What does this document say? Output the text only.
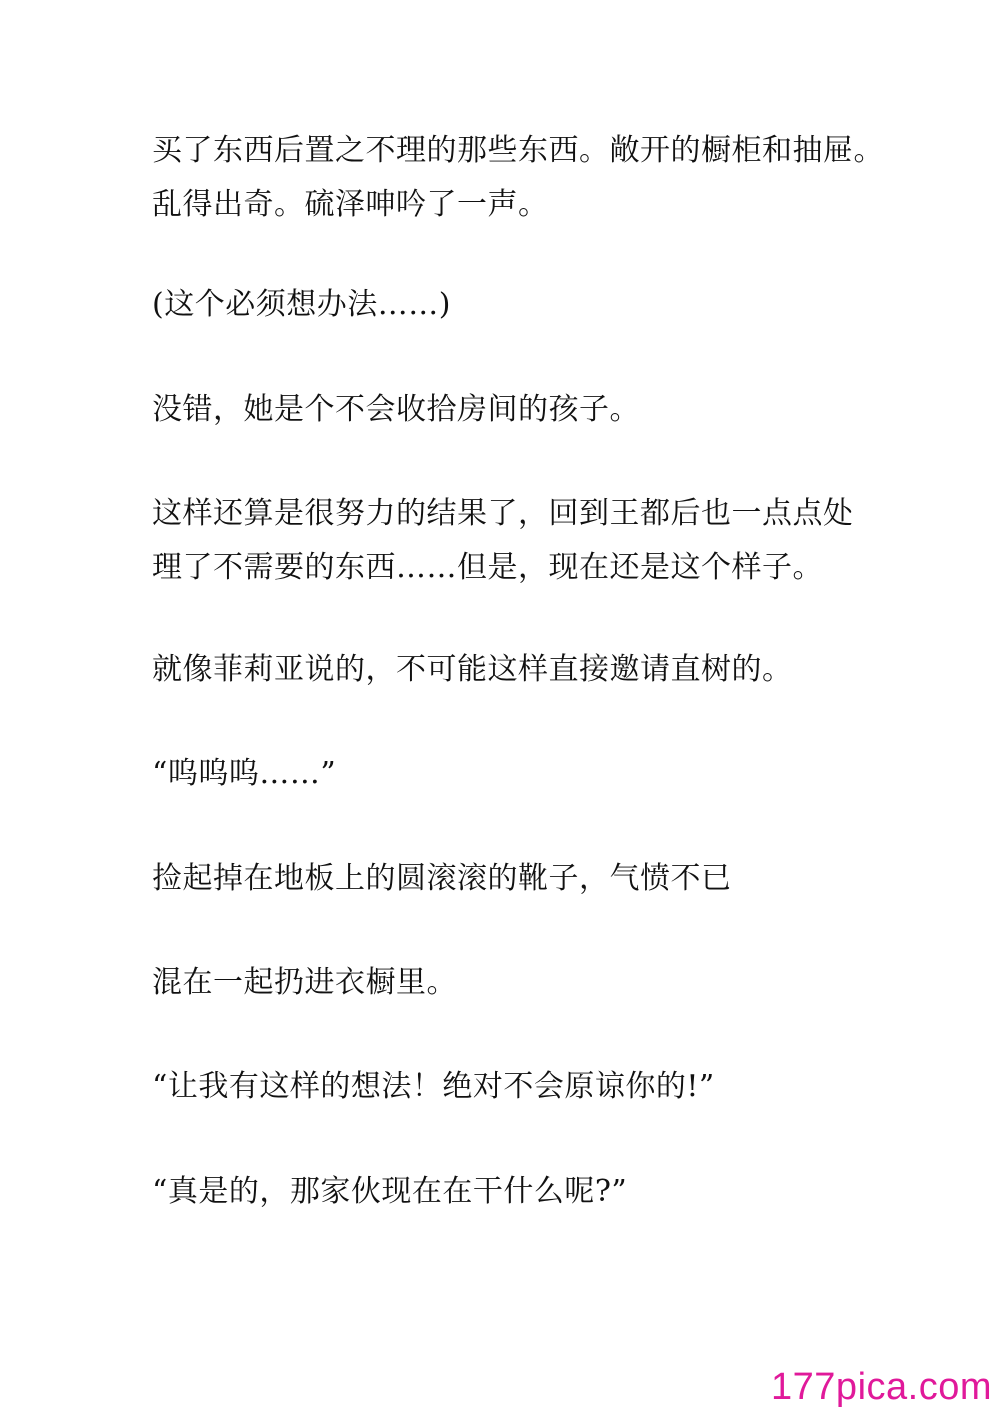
买了东西后置之不理的那些东西。敞开的橱柜和抽屉。
乱得出奇。硫泽呻吟了一声。

(这个必须想办法……)

没错，她是个不会收拾房间的孩子。

这样还算是很努力的结果了，回到王都后也一点点处
理了不需要的东西……但是，现在还是这个样子。

就像菲莉亚说的，不可能这样直接邀请直树的。

“呜呜呜……”

捡起掉在地板上的圆滚滚的靴子，气愤不已

混在一起扔进衣橱里。

“让我有这样的想法！绝对不会原谅你的!”

“真是的，那家伙现在在干什么呢?”

177pica.com
